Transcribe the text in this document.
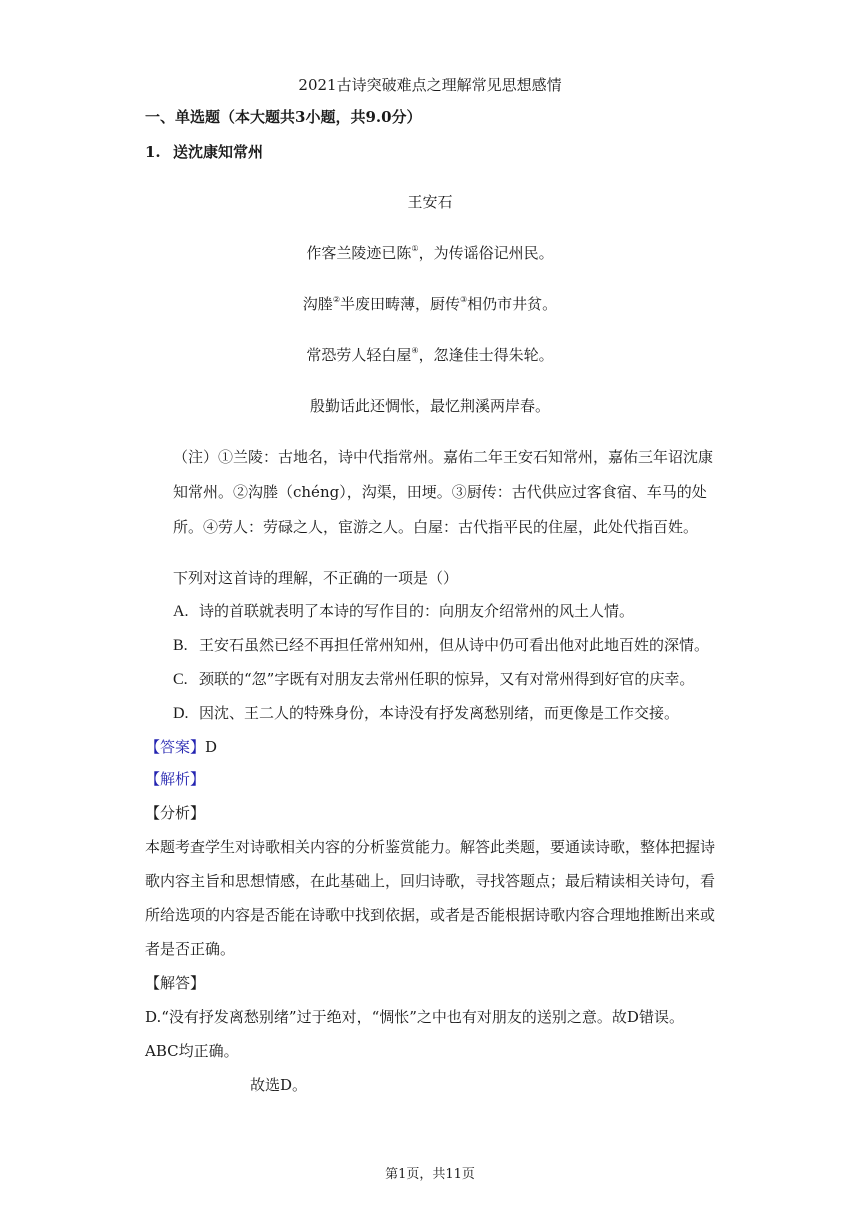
2021古诗突破难点之理解常见思想感情
一、单选题（本大题共3小题，共9.0分）
1. 送沈康知常州
王安石
作客兰陵迹已陈①，为传谣俗记州民。
沟塍②半废田畴薄，厨传③相仍市井贫。
常恐劳人轻白屋④，忽逢佳士得朱轮。
殷勤话此还惆怅，最忆荆溪两岸春。
（注）①兰陵：古地名，诗中代指常州。嘉佑二年王安石知常州，嘉佑三年诏沈康
知常州。②沟塍（chéng），沟渠，田埂。③厨传：古代供应过客食宿、车马的处
所。④劳人：劳碌之人，宦游之人。白屋：古代指平民的住屋，此处代指百姓。
下列对这首诗的理解，不正确的一项是（）
A. 诗的首联就表明了本诗的写作目的：向朋友介绍常州的风土人情。
B. 王安石虽然已经不再担任常州知州，但从诗中仍可看出他对此地百姓的深情。
C. 颈联的“忽”字既有对朋友去常州任职的惊异，又有对常州得到好官的庆幸。
D. 因沈、王二人的特殊身份，本诗没有抒发离愁别绪，而更像是工作交接。
【答案】D
【解析】
【分析】
本题考查学生对诗歌相关内容的分析鉴赏能力。解答此类题，要通读诗歌，整体把握诗
歌内容主旨和思想情感，在此基础上，回归诗歌，寻找答题点；最后精读相关诗句，看
所给选项的内容是否能在诗歌中找到依据，或者是否能根据诗歌内容合理地推断出来或
者是否正确。
【解答】
D.“没有抒发离愁别绪”过于绝对，“惆怅”之中也有对朋友的送别之意。故D错误。
ABC均正确。
故选D。
第1页，共11页
